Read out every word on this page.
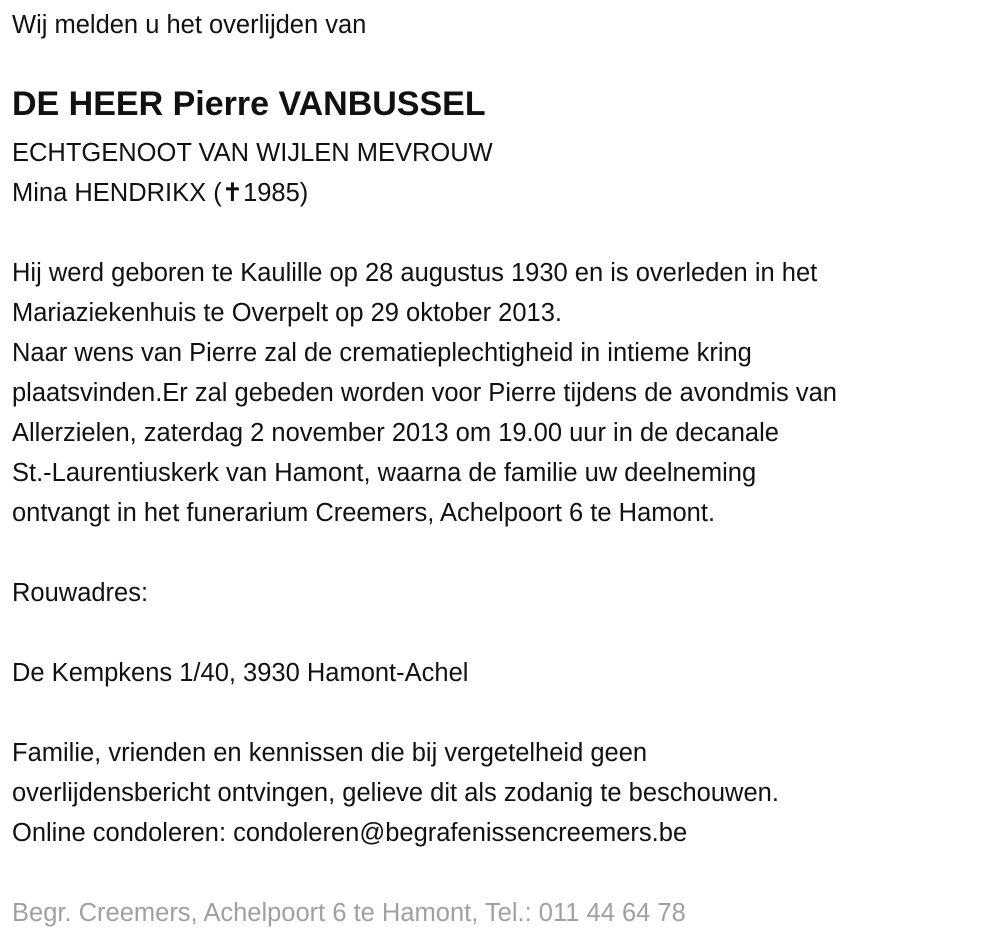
Wij melden u het overlijden van
DE HEER Pierre VANBUSSEL
ECHTGENOOT VAN WIJLEN MEVROUW
Mina HENDRIKX (✝1985)
Hij werd geboren te Kaulille op 28 augustus 1930 en is overleden in het
Mariaziekenhuis te Overpelt op 29 oktober 2013.
Naar wens van Pierre zal de crematieplechtigheid in intieme kring
plaatsvinden.Er zal gebeden worden voor Pierre tijdens de avondmis van
Allerzielen, zaterdag 2 november 2013 om 19.00 uur in de decanale
St.-Laurentiuskerk van Hamont, waarna de familie uw deelneming
ontvangt in het funerarium Creemers, Achelpoort 6 te Hamont.
Rouwadres:
De Kempkens 1/40, 3930 Hamont-Achel
Familie, vrienden en kennissen die bij vergetelheid geen
overlijdensbericht ontvingen, gelieve dit als zodanig te beschouwen.
Online condoleren: condoleren@begrafenissencreemers.be
Begr. Creemers, Achelpoort 6 te Hamont, Tel.: 011 44 64 78
